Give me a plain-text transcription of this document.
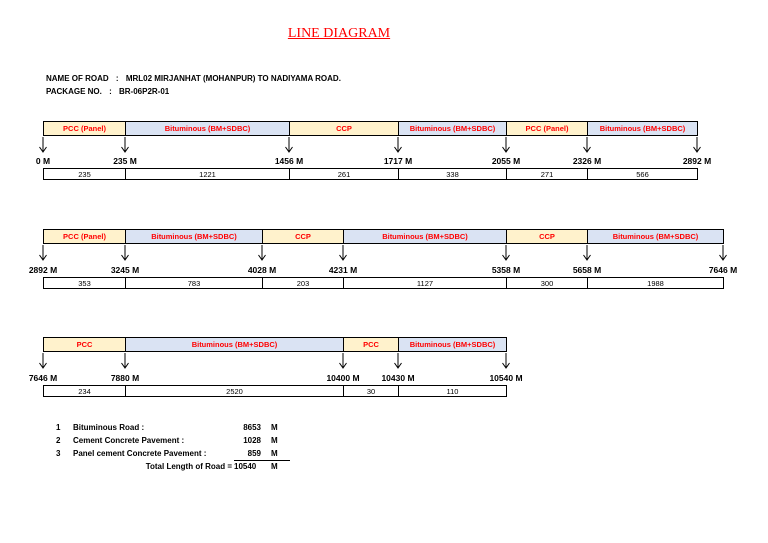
LINE DIAGRAM
NAME OF ROAD : MRL02 MIRJANHAT (MOHANPUR) TO NADIYAMA ROAD.
PACKAGE NO. : BR-06P2R-01
PCC (Panel)
235
Bituminous (BM+SDBC)
1221
CCP
261
Bituminous (BM+SDBC)
338
PCC (Panel)
271
Bituminous (BM+SDBC)
566
0 M	235 M	1456 M	1717 M	2055 M	2326 M	2892 M
PCC (Panel)
353
Bituminous (BM+SDBC)
783
CCP
203
Bituminous (BM+SDBC)
1127
CCP
300
Bituminous (BM+SDBC)
1988
2892 M	3245 M	4028 M	4231 M	5358 M	5658 M	7646 M
PCC
234
Bituminous (BM+SDBC)
2520
PCC
30
Bituminous (BM+SDBC)
110
7646 M	7880 M	10400 M	10430 M	10540 M
1 Bituminous Road :	8653 M
2 Cement Concrete Pavement :	1028 M
3 Panel cement Concrete Pavement :	859 M
Total Length of Road = 10540 M
